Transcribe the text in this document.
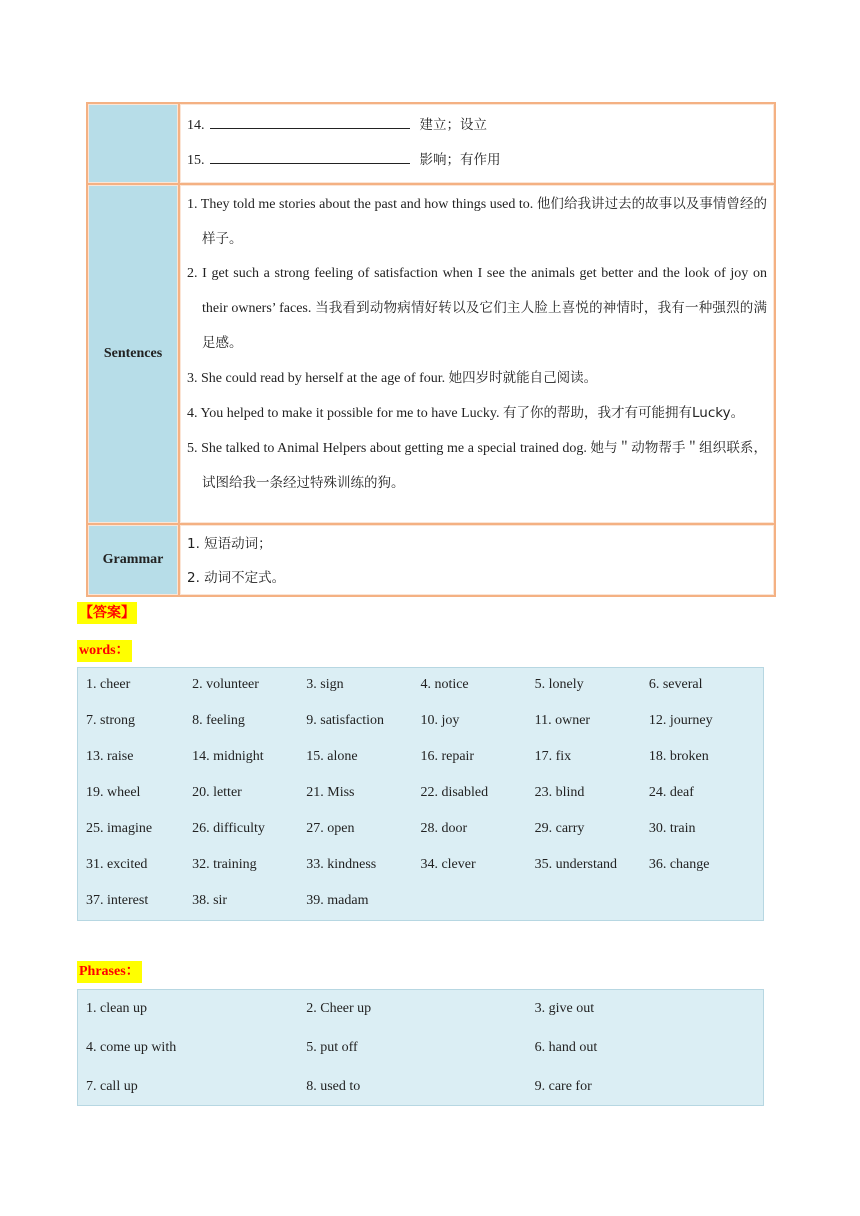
14.	建立；设立
15.	影响；有作用
Sentences
1. They told me stories about the past and how things used to. 他们给我讲过去的故事以及事情曾经的样子。
2. I get such a strong feeling of satisfaction when I see the animals get better and the look of joy on their owners’ faces. 当我看到动物病情好转以及它们主人脸上喜悦的神情时，我有一种强烈的满足感。
3. She could read by herself at the age of four. 她四岁时就能自己阅读。
4. You helped to make it possible for me to have Lucky. 有了你的帮助，我才有可能拥有Lucky。
5. She talked to Animal Helpers about getting me a special trained dog. 她与＂动物帮手＂组织联系，试图给我一条经过特殊训练的狗。
Grammar
1. 短语动词；
2. 动词不定式。
【答案】
words：
1. cheer	2. volunteer	3. sign	4. notice	5. lonely	6. several
7. strong	8. feeling	9. satisfaction	10. joy	11. owner	12. journey
13. raise	14. midnight	15. alone	16. repair	17. fix	18. broken
19. wheel	20. letter	21. Miss	22. disabled	23. blind	24. deaf
25. imagine	26. difficulty	27. open	28. door	29. carry	30. train
31. excited	32. training	33. kindness	34. clever	35. understand	36. change
37. interest	38. sir	39. madam
Phrases：
1. clean up	2. Cheer up	3. give out
4. come up with	5. put off	6. hand out
7. call up	8. used to	9. care for
